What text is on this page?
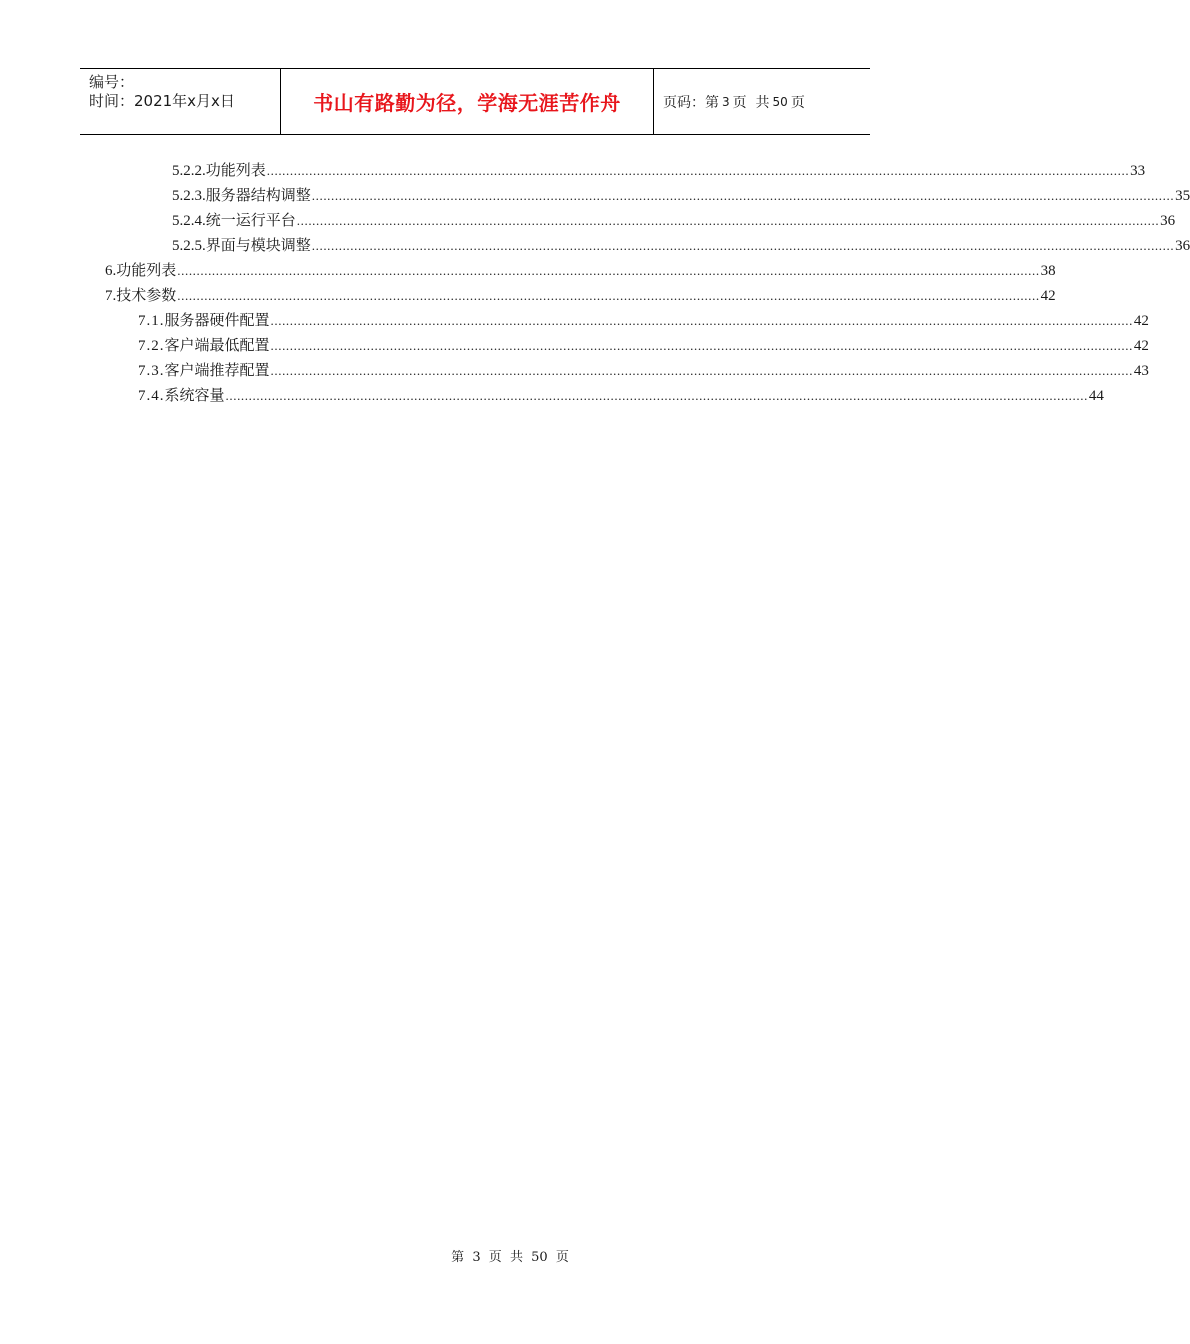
编号：
时间：2021年x月x日	书山有路勤为径，学海无涯苦作舟	页码：第 3 页  共 50 页
5.2.2. 功能列表 ................................................................................................................................................................................................................................ 33
5.2.3. 服务器结构调整 ................................................................................................................................................................................................................................ 35
5.2.4. 统一运行平台 ................................................................................................................................................................................................................................ 36
5.2.5. 界面与模块调整 ................................................................................................................................................................................................................................ 36
6. 功能列表 ................................................................................................................................................................................................................................ 38
7. 技术参数 ................................................................................................................................................................................................................................ 42
7.1. 服务器硬件配置 ................................................................................................................................................................................................................................ 42
7.2. 客户端最低配置 ................................................................................................................................................................................................................................ 42
7.3. 客户端推荐配置 ................................................................................................................................................................................................................................ 43
7.4. 系统容量 ................................................................................................................................................................................................................................ 44
第 3 页  共 50 页
